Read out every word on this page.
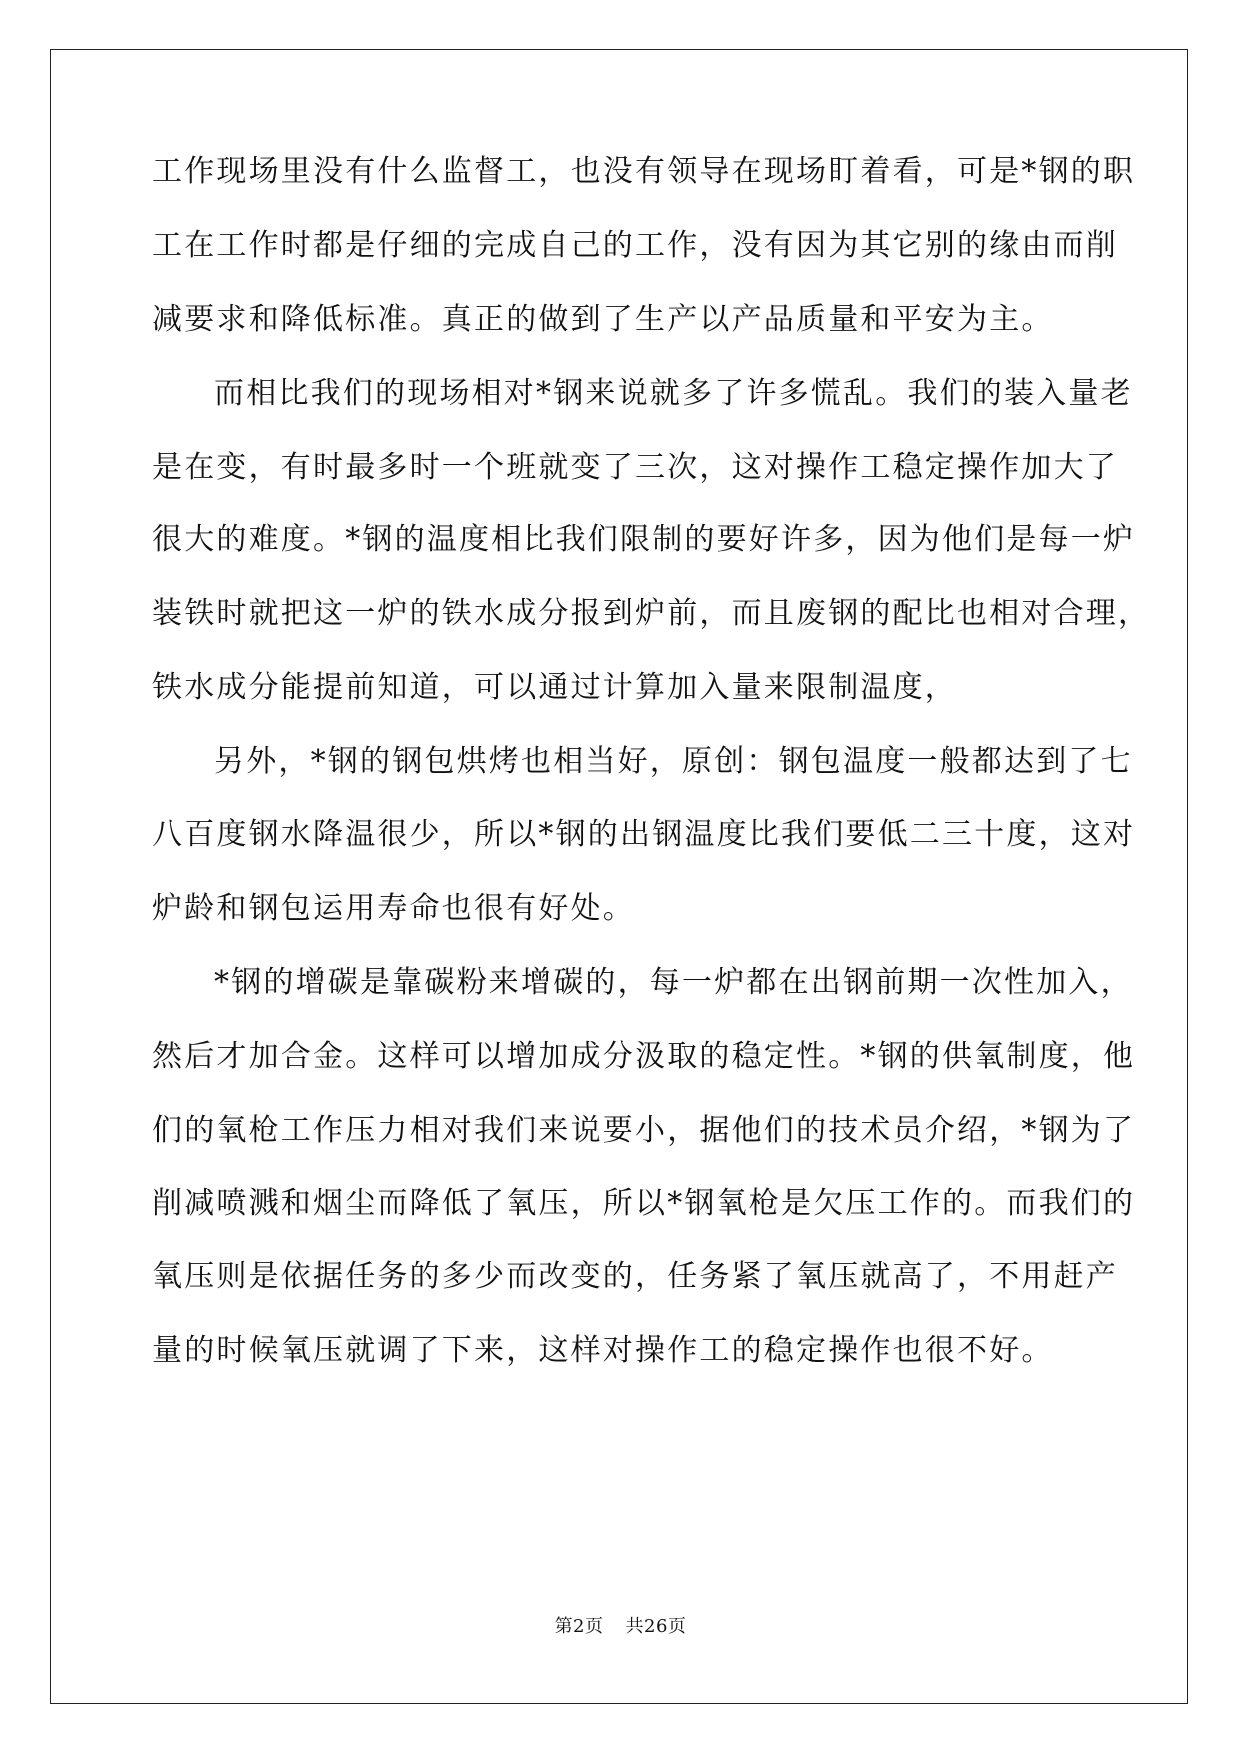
工作现场里没有什么监督工，也没有领导在现场盯着看，可是*钢的职
工在工作时都是仔细的完成自己的工作，没有因为其它别的缘由而削
减要求和降低标准。真正的做到了生产以产品质量和平安为主。
而相比我们的现场相对*钢来说就多了许多慌乱。我们的装入量老
是在变，有时最多时一个班就变了三次，这对操作工稳定操作加大了
很大的难度。*钢的温度相比我们限制的要好许多，因为他们是每一炉
装铁时就把这一炉的铁水成分报到炉前，而且废钢的配比也相对合理，
铁水成分能提前知道，可以通过计算加入量来限制温度，
另外，*钢的钢包烘烤也相当好，原创：钢包温度一般都达到了七
八百度钢水降温很少，所以*钢的出钢温度比我们要低二三十度，这对
炉龄和钢包运用寿命也很有好处。
*钢的增碳是靠碳粉来增碳的，每一炉都在出钢前期一次性加入，
然后才加合金。这样可以增加成分汲取的稳定性。*钢的供氧制度，他
们的氧枪工作压力相对我们来说要小，据他们的技术员介绍，*钢为了
削减喷溅和烟尘而降低了氧压，所以*钢氧枪是欠压工作的。而我们的
氧压则是依据任务的多少而改变的，任务紧了氧压就高了，不用赶产
量的时候氧压就调了下来，这样对操作工的稳定操作也很不好。
第2页 共26页
